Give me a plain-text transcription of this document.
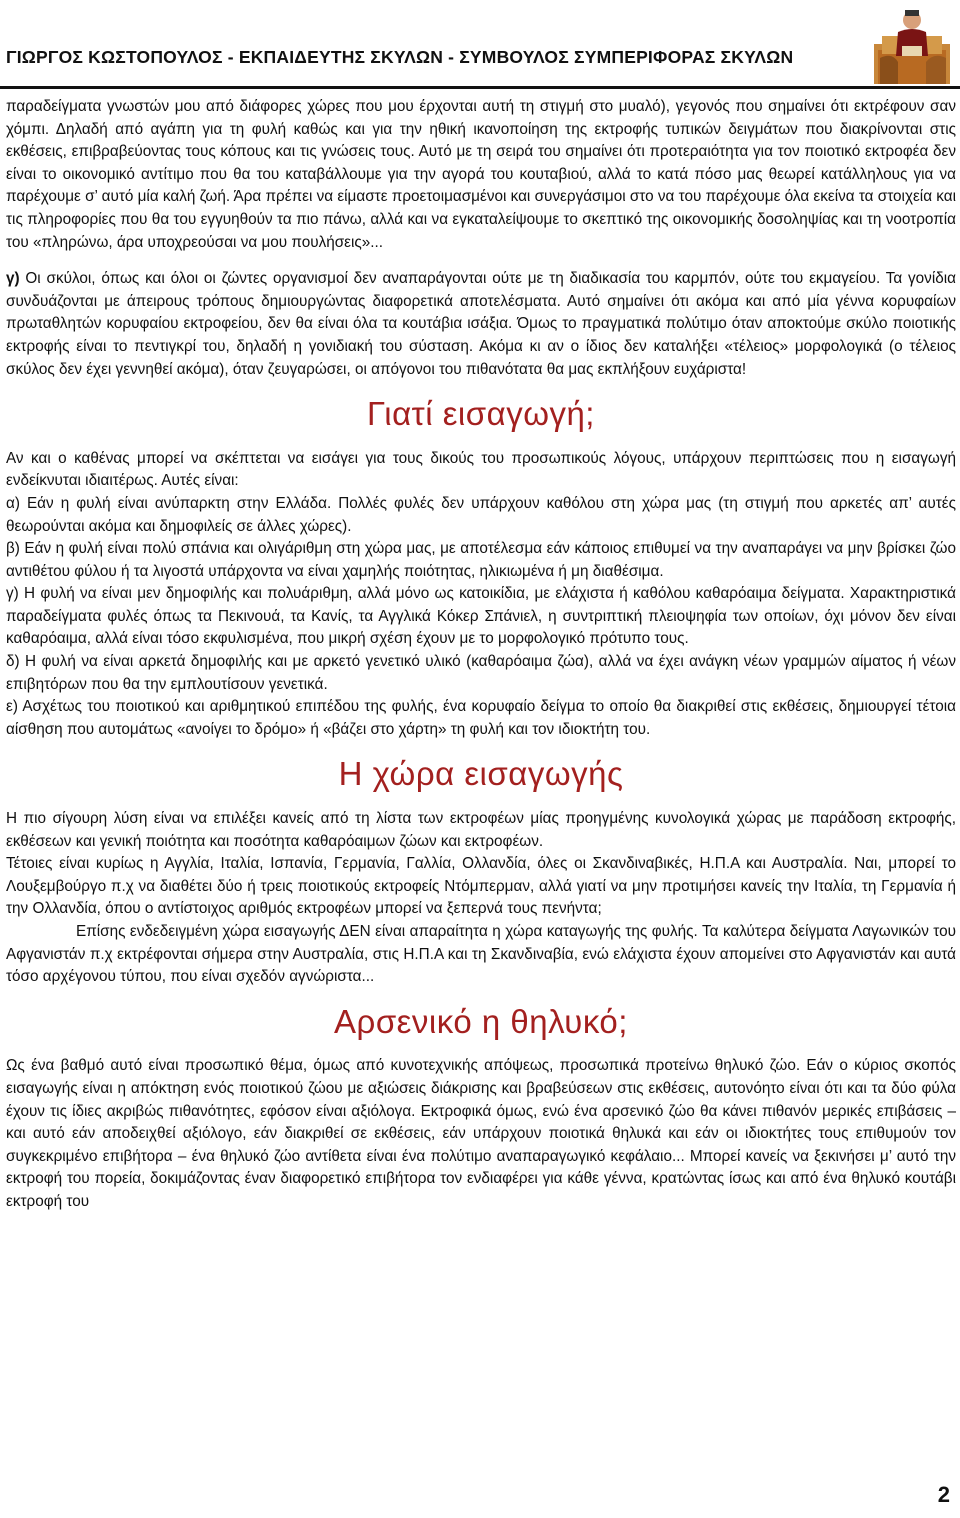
ΓΙΩΡΓΟΣ ΚΩΣΤΟΠΟΥΛΟΣ - ΕΚΠΑΙΔΕΥΤΗΣ ΣΚΥΛΩΝ - ΣΥΜΒΟΥΛΟΣ ΣΥΜΠΕΡΙΦΟΡΑΣ ΣΚΥΛΩΝ

παραδείγματα γνωστών μου από διάφορες χώρες που μου έρχονται αυτή τη στιγμή στο μυαλό), γεγονός που σημαίνει ότι εκτρέφουν σαν χόμπι. Δηλαδή από αγάπη για τη φυλή καθώς και για την ηθική ικανοποίηση της εκτροφής τυπικών δειγμάτων που διακρίνονται στις εκθέσεις, επιβραβεύοντας τους κόπους και τις γνώσεις τους. Αυτό με τη σειρά του σημαίνει ότι προτεραιότητα για τον ποιοτικό εκτροφέα δεν είναι το οικονομικό αντίτιμο που θα του καταβάλλουμε για την αγορά του κουταβιού, αλλά το κατά πόσο μας θεωρεί κατάλληλους για να παρέχουμε σ’ αυτό μία καλή ζωή. Άρα πρέπει να είμαστε προετοιμασμένοι και συνεργάσιμοι στο να του παρέχουμε όλα εκείνα τα στοιχεία και τις πληροφορίες που θα του εγγυηθούν τα πιο πάνω, αλλά και να εγκαταλείψουμε το σκεπτικό της οικονομικής δοσοληψίας και τη νοοτροπία του «πληρώνω, άρα υποχρεούσαι να μου πουλήσεις»...

γ) Οι σκύλοι, όπως και όλοι οι ζώντες οργανισμοί δεν αναπαράγονται ούτε με τη διαδικασία του καρμπόν, ούτε του εκμαγείου. Τα γονίδια συνδυάζονται με άπειρους τρόπους δημιουργώντας διαφορετικά αποτελέσματα. Αυτό σημαίνει ότι ακόμα και από μία γέννα κορυφαίων πρωταθλητών κορυφαίου εκτροφείου, δεν θα είναι όλα τα κουτάβια ισάξια. Όμως το πραγματικά πολύτιμο όταν αποκτούμε σκύλο ποιοτικής εκτροφής είναι το πεντιγκρί του, δηλαδή η γονιδιακή του σύσταση. Ακόμα κι αν ο ίδιος δεν καταλήξει «τέλειος» μορφολογικά (ο τέλειος σκύλος δεν έχει γεννηθεί ακόμα), όταν ζευγαρώσει, οι απόγονοι του πιθανότατα θα μας εκπλήξουν ευχάριστα!

Γιατί εισαγωγή;

Αν και ο καθένας μπορεί να σκέπτεται να εισάγει για τους δικούς του προσωπικούς λόγους, υπάρχουν περιπτώσεις που η εισαγωγή ενδείκνυται ιδιαιτέρως. Αυτές είναι:

α) Εάν η φυλή είναι ανύπαρκτη στην Ελλάδα. Πολλές φυλές δεν υπάρχουν καθόλου στη χώρα μας (τη στιγμή που αρκετές απ’ αυτές θεωρούνται ακόμα και δημοφιλείς σε άλλες χώρες).

β) Εάν η φυλή είναι πολύ σπάνια και ολιγάριθμη στη χώρα μας, με αποτέλεσμα εάν κάποιος επιθυμεί να την αναπαράγει να μην βρίσκει ζώο αντιθέτου φύλου ή τα λιγοστά υπάρχοντα να είναι χαμηλής ποιότητας, ηλικιωμένα ή μη διαθέσιμα.

γ) Η φυλή να είναι μεν δημοφιλής και πολυάριθμη, αλλά μόνο ως κατοικίδια, με ελάχιστα ή καθόλου καθαρόαιμα δείγματα. Χαρακτηριστικά παραδείγματα φυλές όπως τα Πεκινουά, τα Κανίς, τα Αγγλικά Κόκερ Σπάνιελ, η συντριπτική πλειοψηφία των οποίων, όχι μόνον δεν είναι καθαρόαιμα, αλλά είναι τόσο εκφυλισμένα, που μικρή σχέση έχουν με το μορφολογικό πρότυπο τους.

δ) Η φυλή να είναι αρκετά δημοφιλής και με αρκετό γενετικό υλικό (καθαρόαιμα ζώα), αλλά να έχει ανάγκη νέων γραμμών αίματος ή νέων επιβητόρων που θα την εμπλουτίσουν γενετικά.

ε) Ασχέτως του ποιοτικού και αριθμητικού επιπέδου της φυλής, ένα κορυφαίο δείγμα το οποίο θα διακριθεί στις εκθέσεις, δημιουργεί τέτοια αίσθηση που αυτομάτως «ανοίγει το δρόμο» ή «βάζει στο χάρτη» τη φυλή και τον ιδιοκτήτη του.

Η χώρα εισαγωγής

Η πιο σίγουρη λύση είναι να επιλέξει κανείς από τη λίστα των εκτροφέων μίας προηγμένης κυνολογικά χώρας με παράδοση εκτροφής, εκθέσεων και γενική ποιότητα και ποσότητα καθαρόαιμων ζώων και εκτροφέων.

Τέτοιες είναι κυρίως η Αγγλία, Ιταλία, Ισπανία, Γερμανία, Γαλλία, Ολλανδία, όλες οι Σκανδιναβικές, Η.Π.Α και Αυστραλία. Ναι, μπορεί το Λουξεμβούργο π.χ να διαθέτει δύο ή τρεις ποιοτικούς εκτροφείς Ντόμπερμαν, αλλά γιατί να μην προτιμήσει κανείς την Ιταλία, τη Γερμανία ή την Ολλανδία, όπου ο αντίστοιχος αριθμός εκτροφέων μπορεί να ξεπερνά τους πενήντα;

Επίσης ενδεδειγμένη χώρα εισαγωγής ΔΕΝ είναι απαραίτητα η χώρα καταγωγής της φυλής. Τα καλύτερα δείγματα Λαγωνικών του Αφγανιστάν π.χ εκτρέφονται σήμερα στην Αυστραλία, στις Η.Π.Α και τη Σκανδιναβία, ενώ ελάχιστα έχουν απομείνει στο Αφγανιστάν και αυτά τόσο αρχέγονου τύπου, που είναι σχεδόν αγνώριστα...

Αρσενικό η θηλυκό;

Ως ένα βαθμό αυτό είναι προσωπικό θέμα, όμως από κυνοτεχνικής απόψεως, προσωπικά προτείνω θηλυκό ζώο. Εάν ο κύριος σκοπός εισαγωγής είναι η απόκτηση ενός ποιοτικού ζώου με αξιώσεις διάκρισης και βραβεύσεων στις εκθέσεις, αυτονόητο είναι ότι και τα δύο φύλα έχουν τις ίδιες ακριβώς πιθανότητες, εφόσον είναι αξιόλογα. Εκτροφικά όμως, ενώ ένα αρσενικό ζώο θα κάνει πιθανόν μερικές επιβάσεις – και αυτό εάν αποδειχθεί αξιόλογο, εάν διακριθεί σε εκθέσεις, εάν υπάρχουν ποιοτικά θηλυκά και εάν οι ιδιοκτήτες τους επιθυμούν τον συγκεκριμένο επιβήτορα – ένα θηλυκό ζώο αντίθετα είναι ένα πολύτιμο αναπαραγωγικό κεφάλαιο... Μπορεί κανείς να ξεκινήσει μ’ αυτό την εκτροφή του πορεία, δοκιμάζοντας έναν διαφορετικό επιβήτορα τον ενδιαφέρει για κάθε γέννα, κρατώντας ίσως και από ένα θηλυκό κουτάβι εκτροφή του

2
